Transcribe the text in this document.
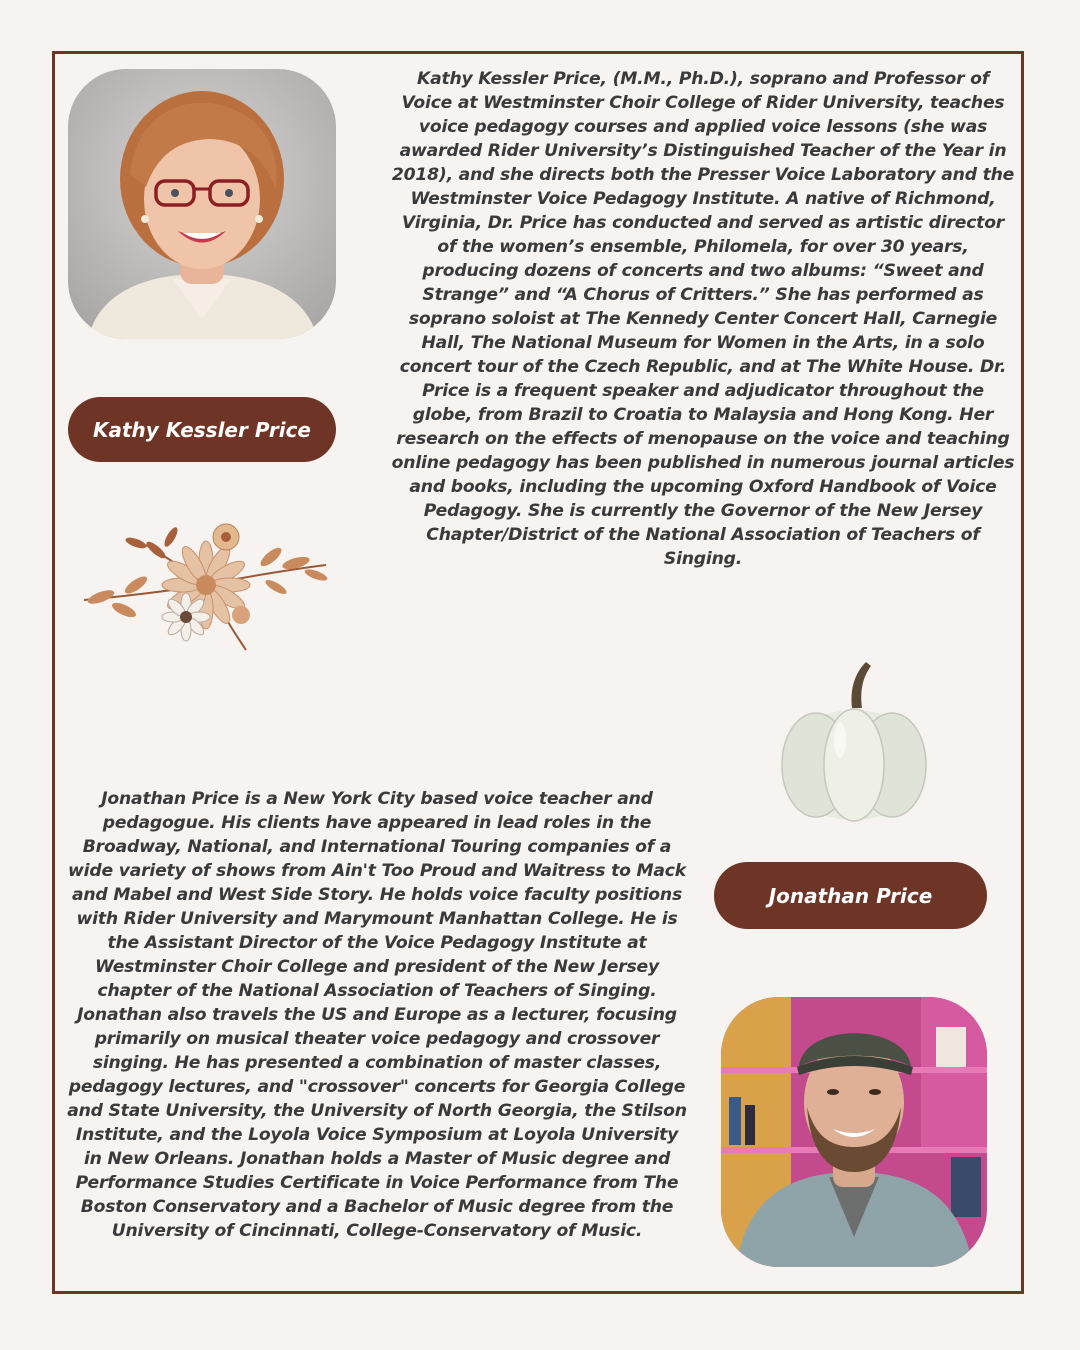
Kathy Kessler Price

Kathy Kessler Price, (M.M., Ph.D.), soprano and Professor of Voice at Westminster Choir College of Rider University, teaches voice pedagogy courses and applied voice lessons (she was awarded Rider University’s Distinguished Teacher of the Year in 2018), and she directs both the Presser Voice Laboratory and the Westminster Voice Pedagogy Institute. A native of Richmond, Virginia, Dr. Price has conducted and served as artistic director of the women’s ensemble, Philomela, for over 30 years, producing dozens of concerts and two albums: “Sweet and Strange” and “A Chorus of Critters.” She has performed as soprano soloist at The Kennedy Center Concert Hall, Carnegie Hall, The National Museum for Women in the Arts, in a solo concert tour of the Czech Republic, and at The White House. Dr. Price is a frequent speaker and adjudicator throughout the globe, from Brazil to Croatia to Malaysia and Hong Kong. Her research on the effects of menopause on the voice and teaching online pedagogy has been published in numerous journal articles and books, including the upcoming Oxford Handbook of Voice Pedagogy. She is currently the Governor of the New Jersey Chapter/District of the National Association of Teachers of Singing.

Jonathan Price is a New York City based voice teacher and pedagogue. His clients have appeared in lead roles in the Broadway, National, and International Touring companies of a wide variety of shows from Ain't Too Proud and Waitress to Mack and Mabel and West Side Story. He holds voice faculty positions with Rider University and Marymount Manhattan College. He is the Assistant Director of the Voice Pedagogy Institute at Westminster Choir College and president of the New Jersey chapter of the National Association of Teachers of Singing. Jonathan also travels the US and Europe as a lecturer, focusing primarily on musical theater voice pedagogy and crossover singing. He has presented a combination of master classes, pedagogy lectures, and "crossover" concerts for Georgia College and State University, the University of North Georgia, the Stilson Institute, and the Loyola Voice Symposium at Loyola University in New Orleans. Jonathan holds a Master of Music degree and Performance Studies Certificate in Voice Performance from The Boston Conservatory and a Bachelor of Music degree from the University of Cincinnati, College-Conservatory of Music.

Jonathan Price
